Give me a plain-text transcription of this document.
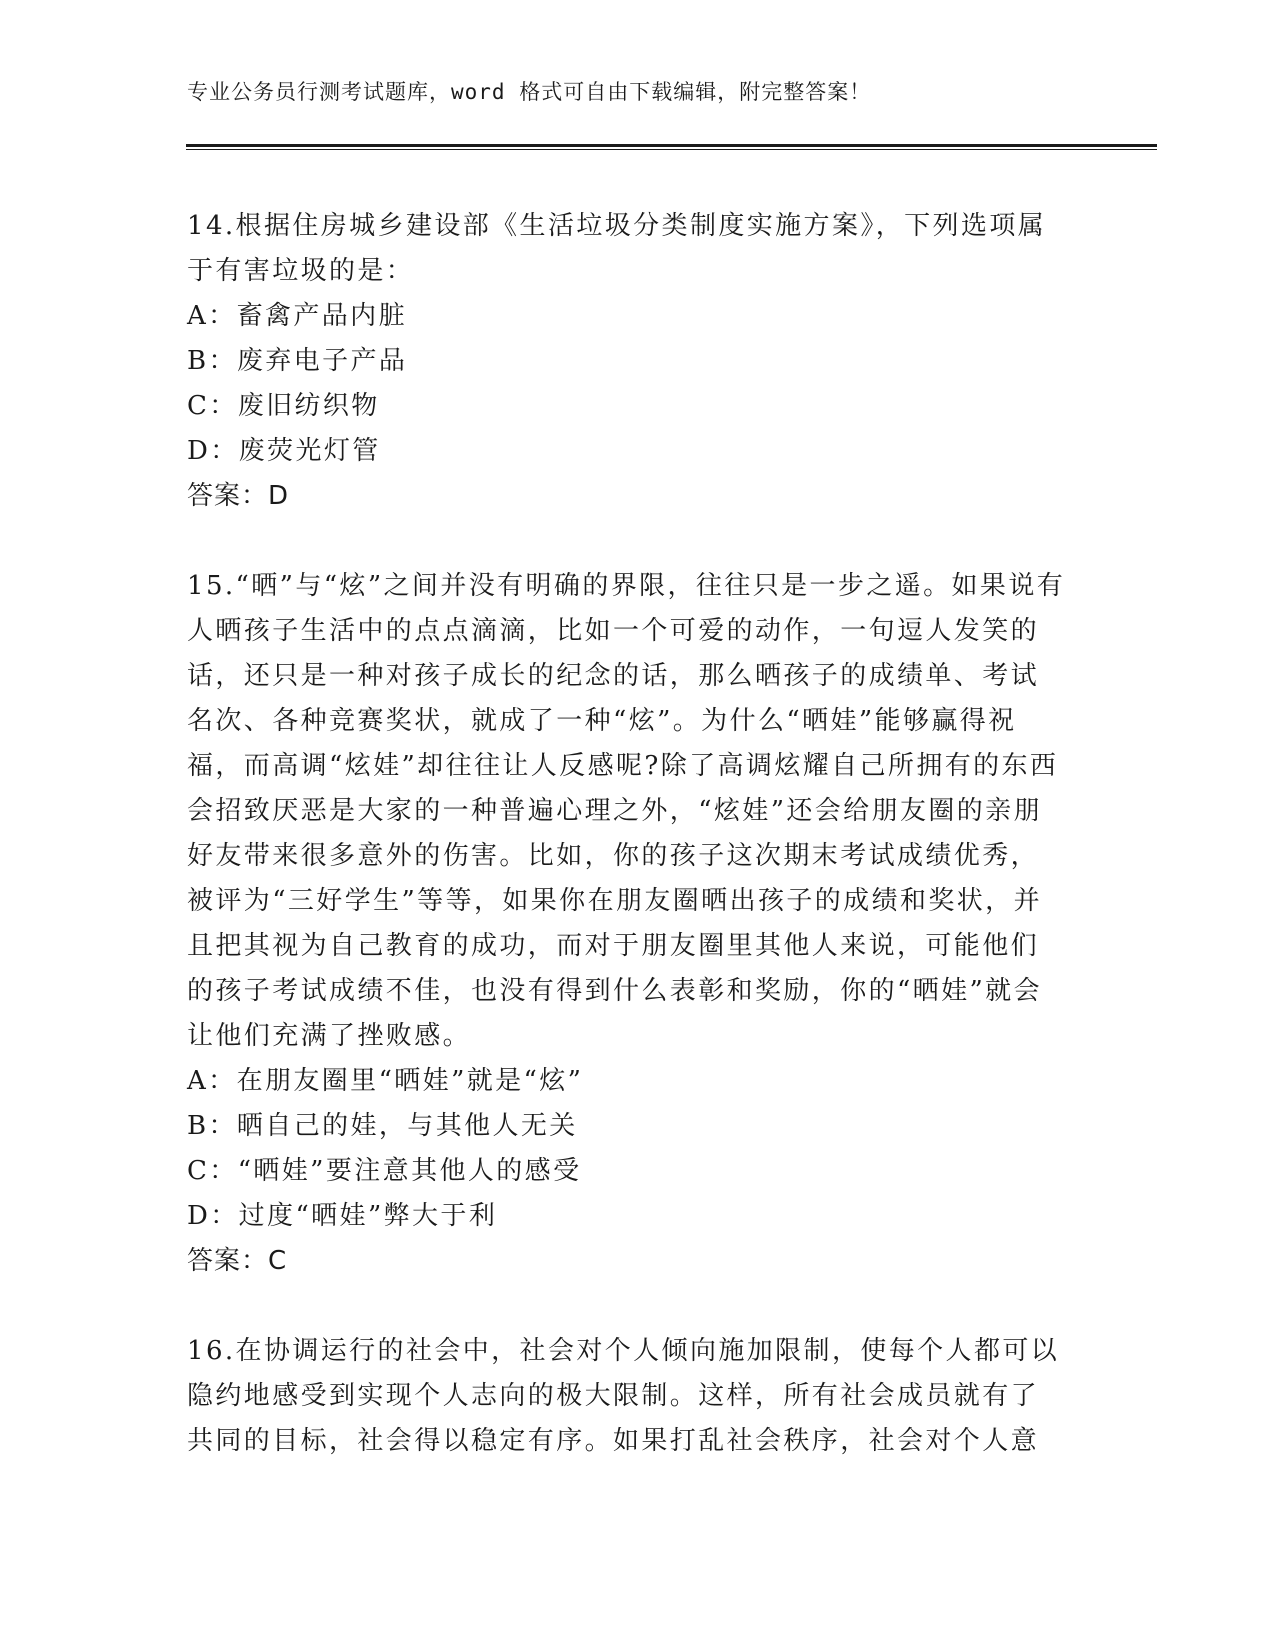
专业公务员行测考试题库，word 格式可自由下载编辑，附完整答案！

14.根据住房城乡建设部《生活垃圾分类制度实施方案》，下列选项属于有害垃圾的是：

A：畜禽产品内脏

B：废弃电子产品

C：废旧纺织物

D：废荧光灯管

答案：D

15.“晒”与“炫”之间并没有明确的界限，往往只是一步之遥。如果说有人晒孩子生活中的点点滴滴，比如一个可爱的动作，一句逗人发笑的话，还只是一种对孩子成长的纪念的话，那么晒孩子的成绩单、考试名次、各种竞赛奖状，就成了一种“炫”。为什么“晒娃”能够赢得祝福，而高调“炫娃”却往往让人反感呢?除了高调炫耀自己所拥有的东西会招致厌恶是大家的一种普遍心理之外，“炫娃”还会给朋友圈的亲朋好友带来很多意外的伤害。比如，你的孩子这次期末考试成绩优秀，被评为“三好学生”等等，如果你在朋友圈晒出孩子的成绩和奖状，并且把其视为自己教育的成功，而对于朋友圈里其他人来说，可能他们的孩子考试成绩不佳，也没有得到什么表彰和奖励，你的“晒娃”就会让他们充满了挫败感。

A：在朋友圈里“晒娃”就是“炫”

B：晒自己的娃，与其他人无关

C：“晒娃”要注意其他人的感受

D：过度“晒娃”弊大于利

答案：C

16.在协调运行的社会中，社会对个人倾向施加限制，使每个人都可以隐约地感受到实现个人志向的极大限制。这样，所有社会成员就有了共同的目标，社会得以稳定有序。如果打乱社会秩序，社会对个人意
